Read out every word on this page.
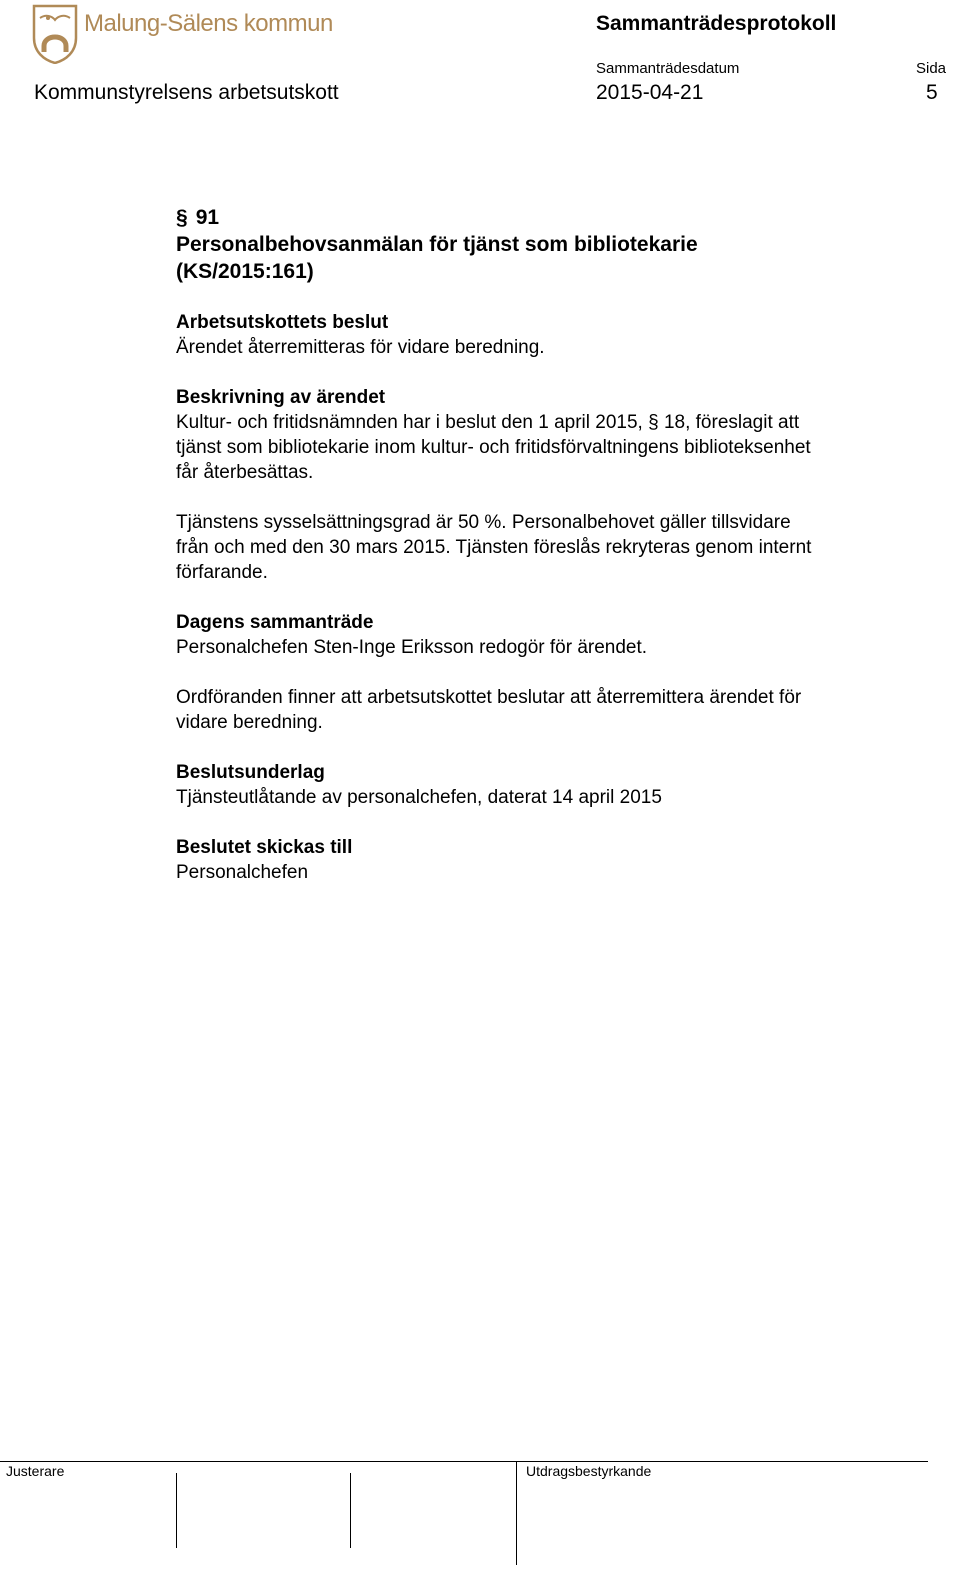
Malung-Sälens kommun	Sammanträdesprotokoll
Sammanträdesdatum	Sida
Kommunstyrelsens arbetsutskott	2015-04-21	5

§ 91

Personalbehovsanmälan för tjänst som bibliotekarie

(KS/2015:161)

Arbetsutskottets beslut

Ärendet återremitteras för vidare beredning.

Beskrivning av ärendet

Kultur- och fritidsnämnden har i beslut den 1 april 2015, § 18, föreslagit att

tjänst som bibliotekarie inom kultur- och fritidsförvaltningens biblioteksenhet

får återbesättas.

Tjänstens sysselsättningsgrad är 50 %. Personalbehovet gäller tillsvidare

från och med den 30 mars 2015. Tjänsten föreslås rekryteras genom internt

förfarande.

Dagens sammanträde

Personalchefen Sten-Inge Eriksson redogör för ärendet.

Ordföranden finner att arbetsutskottet beslutar att återremittera ärendet för

vidare beredning.

Beslutsunderlag

Tjänsteutlåtande av personalchefen, daterat 14 april 2015

Beslutet skickas till

Personalchefen

Justerare	Utdragsbestyrkande
